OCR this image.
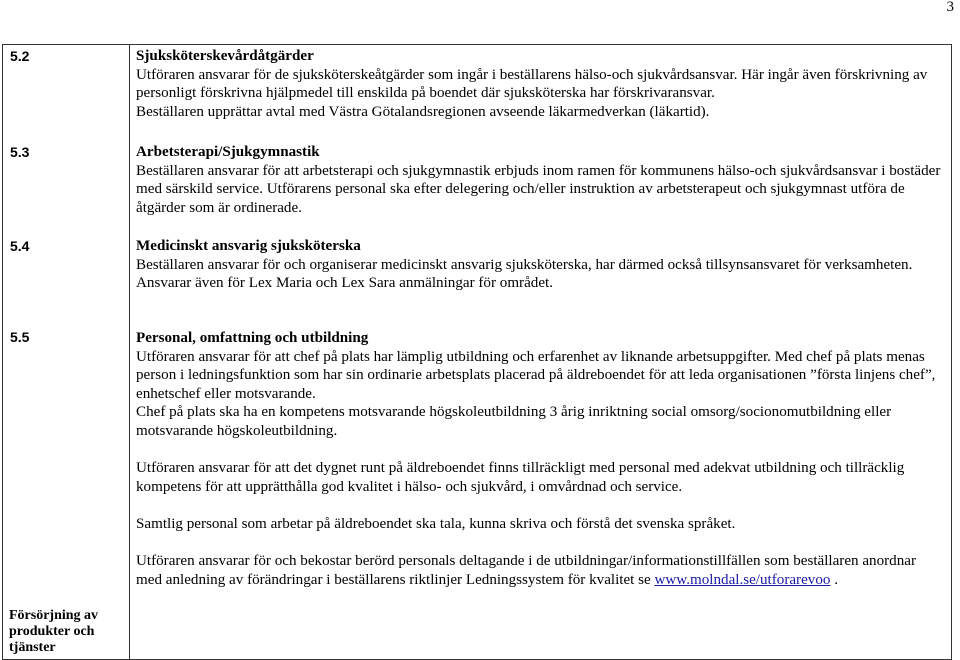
3
5.2
5.3
5.4
5.5
Försörjning av
produkter och
tjänster
Sjuksköterskevårdåtgärder

Utföraren ansvarar för de sjuksköterskeåtgärder som ingår i beställarens hälso-och sjukvårdsansvar. Här ingår även förskrivning av personligt förskrivna hjälpmedel till enskilda på boendet där sjuksköterska har förskrivaransvar.

Beställaren upprättar avtal med Västra Götalandsregionen avseende läkarmedverkan (läkartid).

Arbetsterapi/Sjukgymnastik

Beställaren ansvarar för att arbetsterapi och sjukgymnastik erbjuds inom ramen för kommunens hälso-och sjukvårdsansvar i bostäder med särskild service. Utförarens personal ska efter delegering och/eller instruktion av arbetsterapeut och sjukgymnast utföra de åtgärder som är ordinerade.

Medicinskt ansvarig sjuksköterska

Beställaren ansvarar för och organiserar medicinskt ansvarig sjuksköterska, har därmed också tillsynsansvaret för verksamheten.

Ansvarar även för Lex Maria och Lex Sara anmälningar för området.

Personal, omfattning och utbildning

Utföraren ansvarar för att chef på plats har lämplig utbildning och erfarenhet av liknande arbetsuppgifter. Med chef på plats menas person i ledningsfunktion som har sin ordinarie arbetsplats placerad på äldreboendet för att leda organisationen ”första linjens chef”, enhetschef eller motsvarande.

Chef på plats ska ha en kompetens motsvarande högskoleutbildning 3 årig inriktning social omsorg/socionomutbildning eller motsvarande högskoleutbildning.

Utföraren ansvarar för att det dygnet runt på äldreboendet finns tillräckligt med personal med adekvat utbildning och tillräcklig kompetens för att upprätthålla god kvalitet i hälso- och sjukvård, i omvårdnad och service.

Samtlig personal som arbetar på äldreboendet ska tala, kunna skriva och förstå det svenska språket.

Utföraren ansvarar för och bekostar berörd personals deltagande i de utbildningar/informationstillfällen som beställaren anordnar med anledning av förändringar i beställarens riktlinjer Ledningssystem för kvalitet se www.molndal.se/utforarevoo .
